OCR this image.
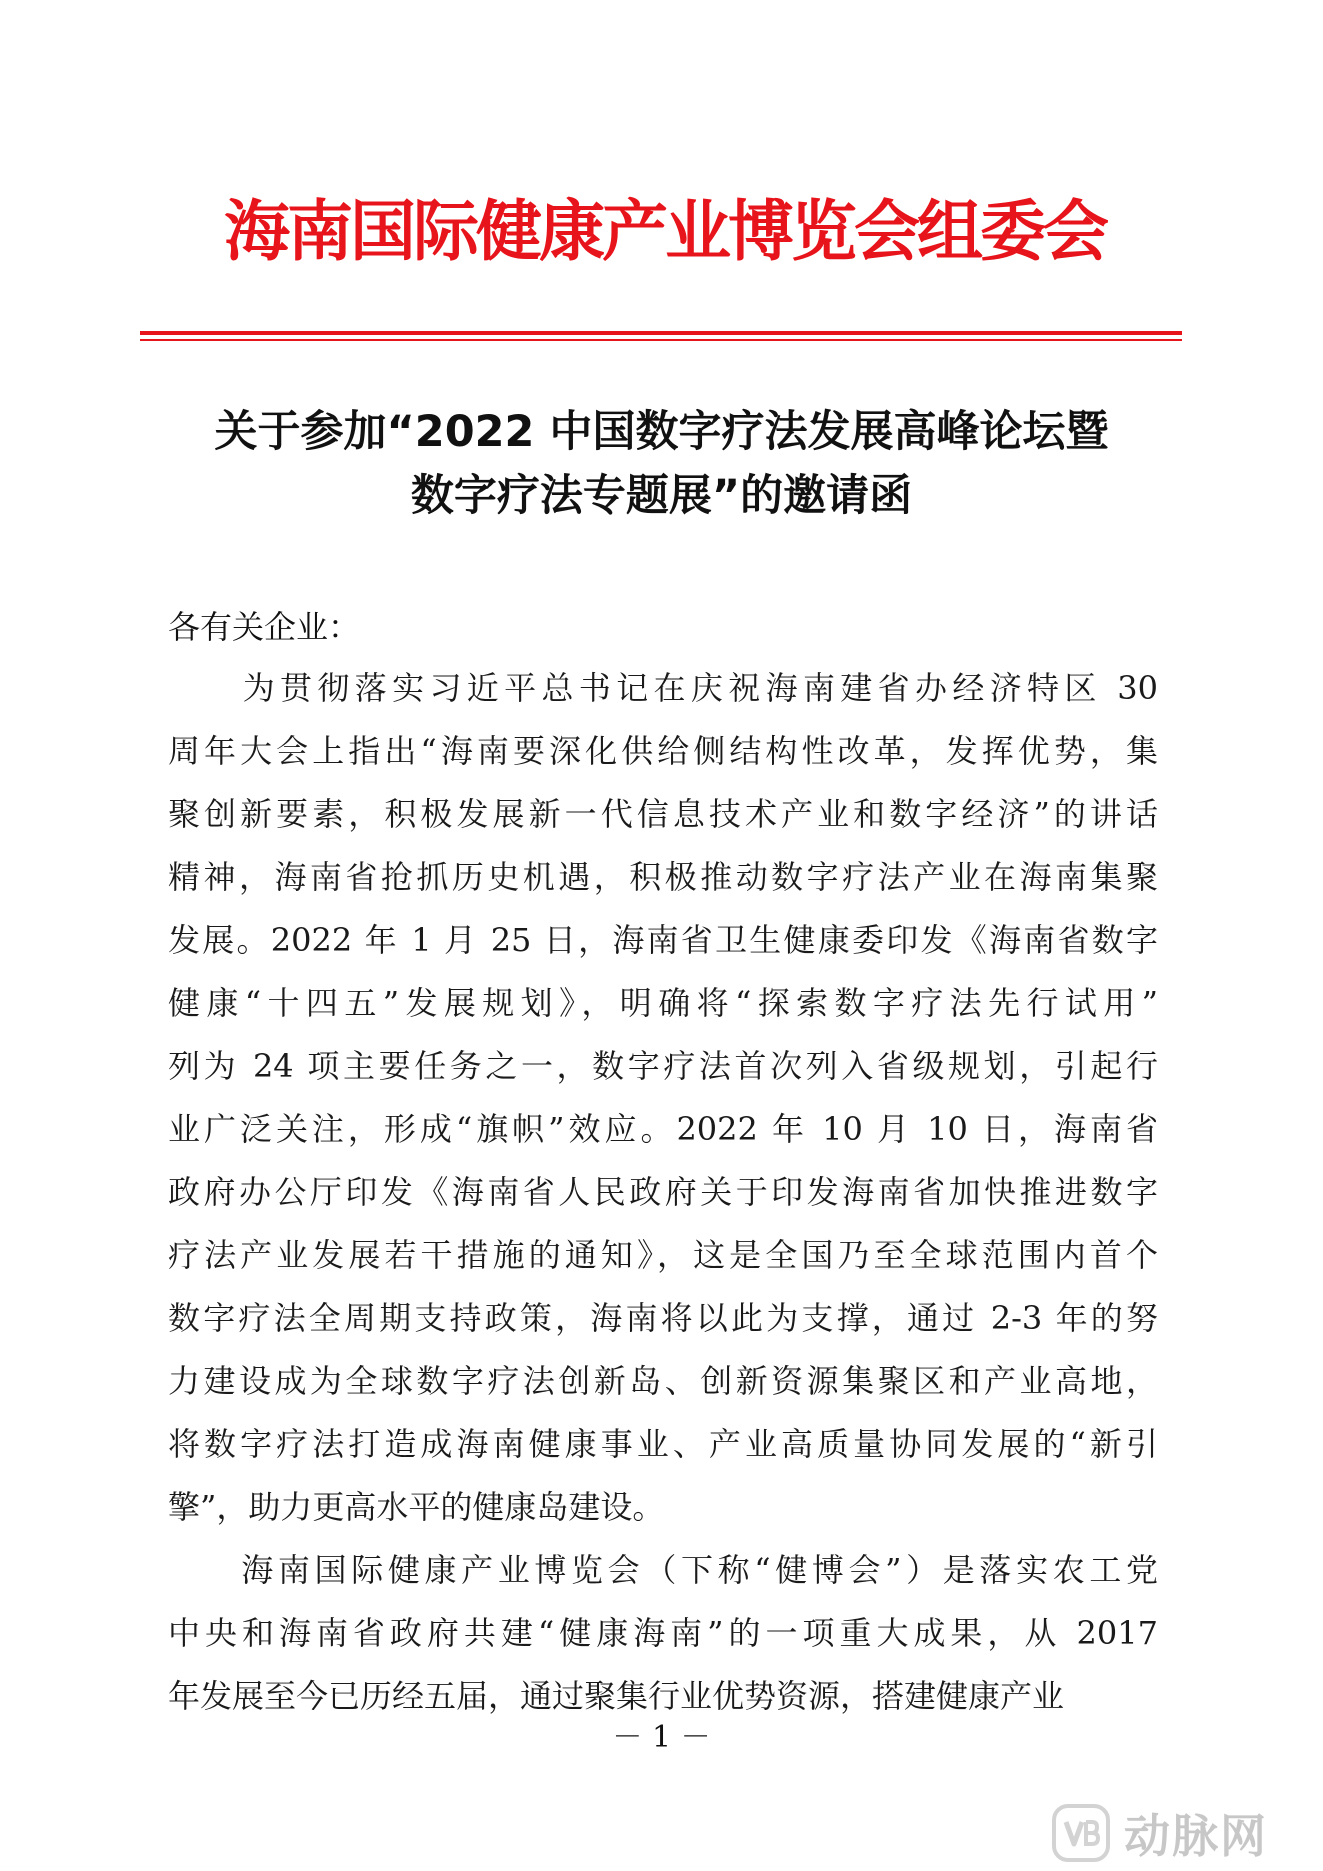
海南国际健康产业博览会组委会
关于参加“2022 中国数字疗法发展高峰论坛暨
数字疗法专题展”的邀请函
各有关企业：
　　为贯彻落实习近平总书记在庆祝海南建省办经济特区 30
周年大会上指出“海南要深化供给侧结构性改革，发挥优势，集
聚创新要素，积极发展新一代信息技术产业和数字经济”的讲话
精神，海南省抢抓历史机遇，积极推动数字疗法产业在海南集聚
发展。2022 年 1 月 25 日，海南省卫生健康委印发《海南省数字
健康“十四五”发展规划》，明确将“探索数字疗法先行试用”
列为 24 项主要任务之一，数字疗法首次列入省级规划，引起行
业广泛关注，形成“旗帜”效应。2022 年 10 月 10 日，海南省
政府办公厅印发《海南省人民政府关于印发海南省加快推进数字
疗法产业发展若干措施的通知》，这是全国乃至全球范围内首个
数字疗法全周期支持政策，海南将以此为支撑，通过 2-3 年的努
力建设成为全球数字疗法创新岛、创新资源集聚区和产业高地，
将数字疗法打造成海南健康事业、产业高质量协同发展的“新引
擎”，助力更高水平的健康岛建设。
　　海南国际健康产业博览会（下称“健博会”）是落实农工党
中央和海南省政府共建“健康海南”的一项重大成果，从 2017
年发展至今已历经五届，通过聚集行业优势资源，搭建健康产业
－ 1 －
动脉网
